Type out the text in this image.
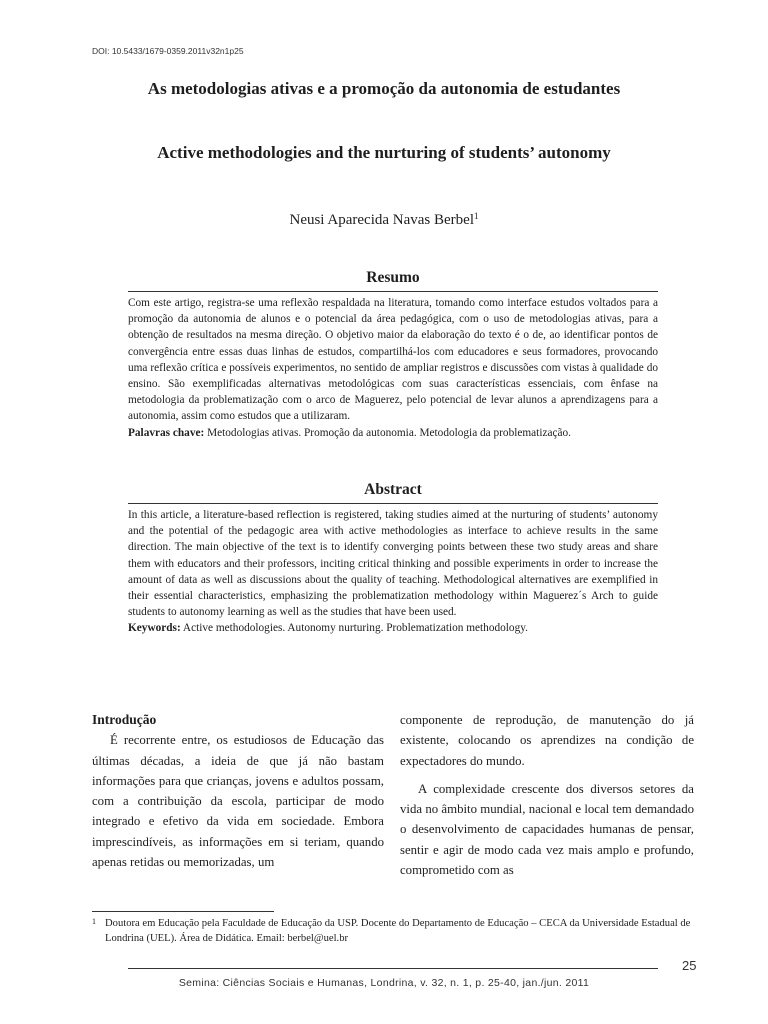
DOI: 10.5433/1679-0359.2011v32n1p25
As metodologias ativas e a promoção da autonomia de estudantes
Active methodologies and the nurturing of students’ autonomy
Neusi Aparecida Navas Berbel$^1$
Resumo
Com este artigo, registra-se uma reflexão respaldada na literatura, tomando como interface estudos voltados para a promoção da autonomia de alunos e o potencial da área pedagógica, com o uso de metodologias ativas, para a obtenção de resultados na mesma direção. O objetivo maior da elaboração do texto é o de, ao identificar pontos de convergência entre essas duas linhas de estudos, compartilhá-los com educadores e seus formadores, provocando uma reflexão crítica e possíveis experimentos, no sentido de ampliar registros e discussões com vistas à qualidade do ensino. São exemplificadas alternativas metodológicas com suas características essenciais, com ênfase na metodologia da problematização com o arco de Maguerez, pelo potencial de levar alunos a aprendizagens para a autonomia, assim como estudos que a utilizaram.

Palavras chave: Metodologias ativas. Promoção da autonomia. Metodologia da problematização.

Abstract
In this article, a literature-based reflection is registered, taking studies aimed at the nurturing of students’ autonomy and the potential of the pedagogic area with active methodologies as interface to achieve results in the same direction. The main objective of the text is to identify converging points between these two study areas and share them with educators and their professors, inciting critical thinking and possible experiments in order to increase the amount of data as well as discussions about the quality of teaching. Methodological alternatives are exemplified in their essential characteristics, emphasizing the problematization methodology within Maguerez´s Arch to guide students to autonomy learning as well as the studies that have been used.

Keywords: Active methodologies. Autonomy nurturing. Problematization methodology.

Introdução

É recorrente entre, os estudiosos de Educação das últimas décadas, a ideia de que já não bastam informações para que crianças, jovens e adultos possam, com a contribuição da escola, participar de modo integrado e efetivo da vida em sociedade. Embora imprescindíveis, as informações em si teriam, quando apenas retidas ou memorizadas, um

componente de reprodução, de manutenção do já existente, colocando os aprendizes na condição de expectadores do mundo.

A complexidade crescente dos diversos setores da vida no âmbito mundial, nacional e local tem demandado o desenvolvimento de capacidades humanas de pensar, sentir e agir de modo cada vez mais amplo e profundo, comprometido com as

1 Doutora em Educação pela Faculdade de Educação da USP. Docente do Departamento de Educação – CECA da Universidade Estadual de Londrina (UEL). Área de Didática. Email: berbel@uel.br
25
Semina: Ciências Sociais e Humanas, Londrina, v. 32, n. 1, p. 25-40, jan./jun. 2011
